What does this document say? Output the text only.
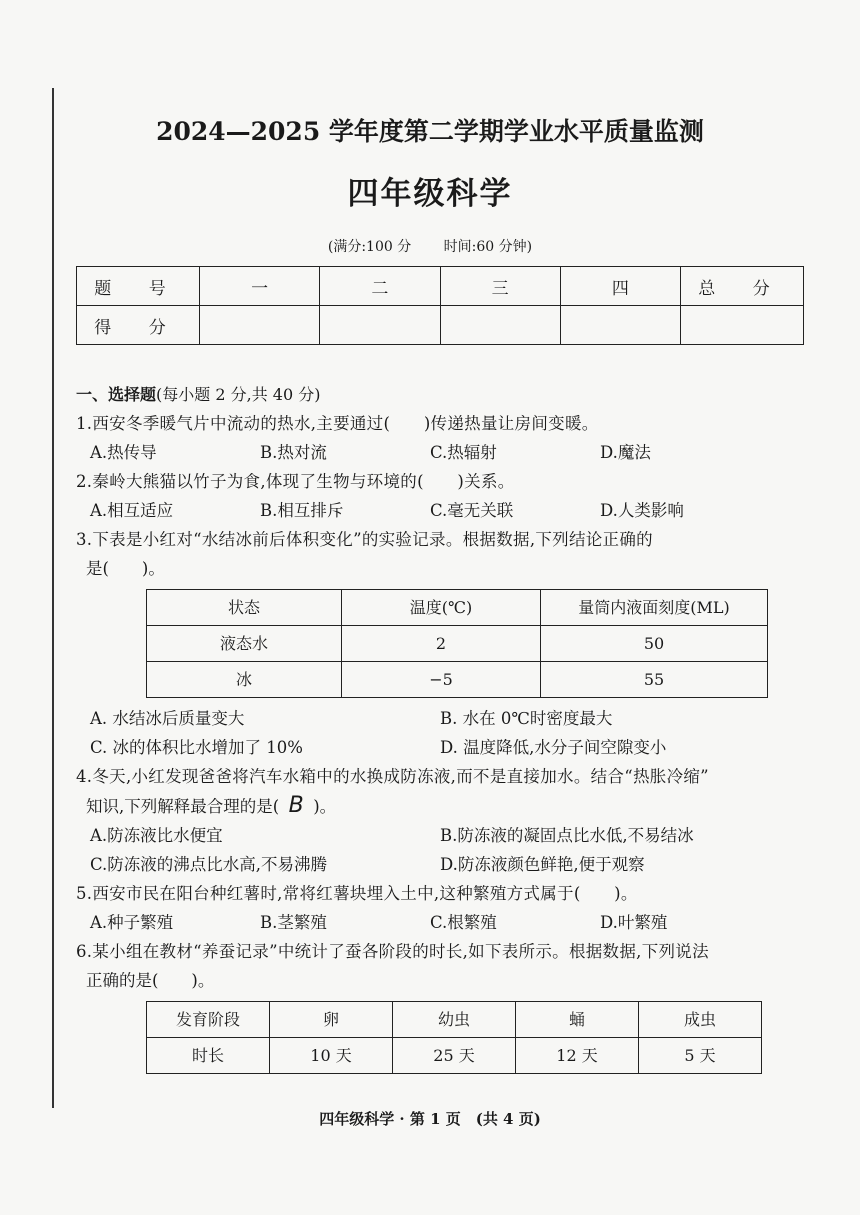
2024—2025 学年度第二学期学业水平质量监测
四年级科学
(满分:100 分 时间:60 分钟)
题 号	一	二	三	四	总 分
得 分					
一、选择题(每小题 2 分,共 40 分)
1.西安冬季暖气片中流动的热水,主要通过(　　)传递热量让房间变暖。
A.热传导	B.热对流	C.热辐射	D.魔法
2.秦岭大熊猫以竹子为食,体现了生物与环境的(　　)关系。
A.相互适应	B.相互排斥	C.毫无关联	D.人类影响
3.下表是小红对“水结冰前后体积变化”的实验记录。根据数据,下列结论正确的
是(　　)。
状态	温度(℃)	量筒内液面刻度(ML)
液态水	2	50
冰	−5	55
A. 水结冰后质量变大	B. 水在 0℃时密度最大
C. 冰的体积比水增加了 10%	D. 温度降低,水分子间空隙变小
4.冬天,小红发现爸爸将汽车水箱中的水换成防冻液,而不是直接加水。结合“热胀冷缩”
知识,下列解释最合理的是( B )。
A.防冻液比水便宜	B.防冻液的凝固点比水低,不易结冰
C.防冻液的沸点比水高,不易沸腾	D.防冻液颜色鲜艳,便于观察
5.西安市民在阳台种红薯时,常将红薯块埋入土中,这种繁殖方式属于(　　)。
A.种子繁殖	B.茎繁殖	C.根繁殖	D.叶繁殖
6.某小组在教材“养蚕记录”中统计了蚕各阶段的时长,如下表所示。根据数据,下列说法
正确的是(　　)。
发育阶段	卵	幼虫	蛹	成虫
时长	10 天	25 天	12 天	5 天
四年级科学 · 第 1 页　(共 4 页)
